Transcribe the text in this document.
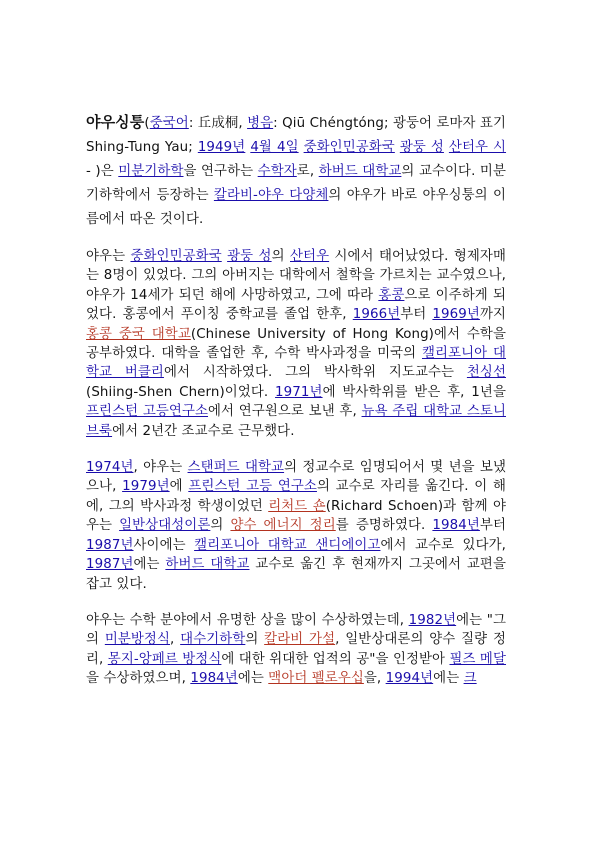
야우싱퉁(중국어: 丘成桐, 병음: Qiū Chéngtóng; 광둥어 로마자 표기 Shing-Tung Yau; 1949년 4월 4일 중화인민공화국 광둥 성 산터우 시 - )은 미분기하학을 연구하는 수학자로, 하버드 대학교의 교수이다. 미분기하학에서 등장하는 칼라비-야우 다양체의 야우가 바로 야우싱퉁의 이름에서 따온 것이다.

야우는 중화인민공화국 광둥 성의 산터우 시에서 태어났었다. 형제자매는 8명이 있었다. 그의 아버지는 대학에서 철학을 가르치는 교수였으나, 야우가 14세가 되던 해에 사망하였고, 그에 따라 홍콩으로 이주하게 되었다. 홍콩에서 푸이칭 중학교를 졸업 한후, 1966년부터 1969년까지 홍콩 중국 대학교(Chinese University of Hong Kong)에서 수학을 공부하였다. 대학을 졸업한 후, 수학 박사과정을 미국의 캘리포니아 대학교 버클리에서 시작하였다. 그의 박사학위 지도교수는 천싱선(Shiing-Shen Chern)이었다. 1971년에 박사학위를 받은 후, 1년을 프린스턴 고등연구소에서 연구원으로 보낸 후, 뉴욕 주립 대학교 스토니브룩에서 2년간 조교수로 근무했다.

1974년, 야우는 스탠퍼드 대학교의 정교수로 임명되어서 몇 년을 보냈으나, 1979년에 프린스턴 고등 연구소의 교수로 자리를 옮긴다. 이 해에, 그의 박사과정 학생이었던 리처드 숀(Richard Schoen)과 함께 야우는 일반상대성이론의 양수 에너지 정리를 증명하였다. 1984년부터 1987년사이에는 캘리포니아 대학교 샌디에이고에서 교수로 있다가, 1987년에는 하버드 대학교 교수로 옮긴 후 현재까지 그곳에서 교편을 잡고 있다.

야우는 수학 분야에서 유명한 상을 많이 수상하였는데, 1982년에는 "그의 미분방정식, 대수기하학의 칼라비 가설, 일반상대론의 양수 질량 정리, 몽지-앙페르 방정식에 대한 위대한 업적의 공"을 인정받아 필즈 메달을 수상하였으며, 1984년에는 맥아더 펠로우십을, 1994년에는 크
